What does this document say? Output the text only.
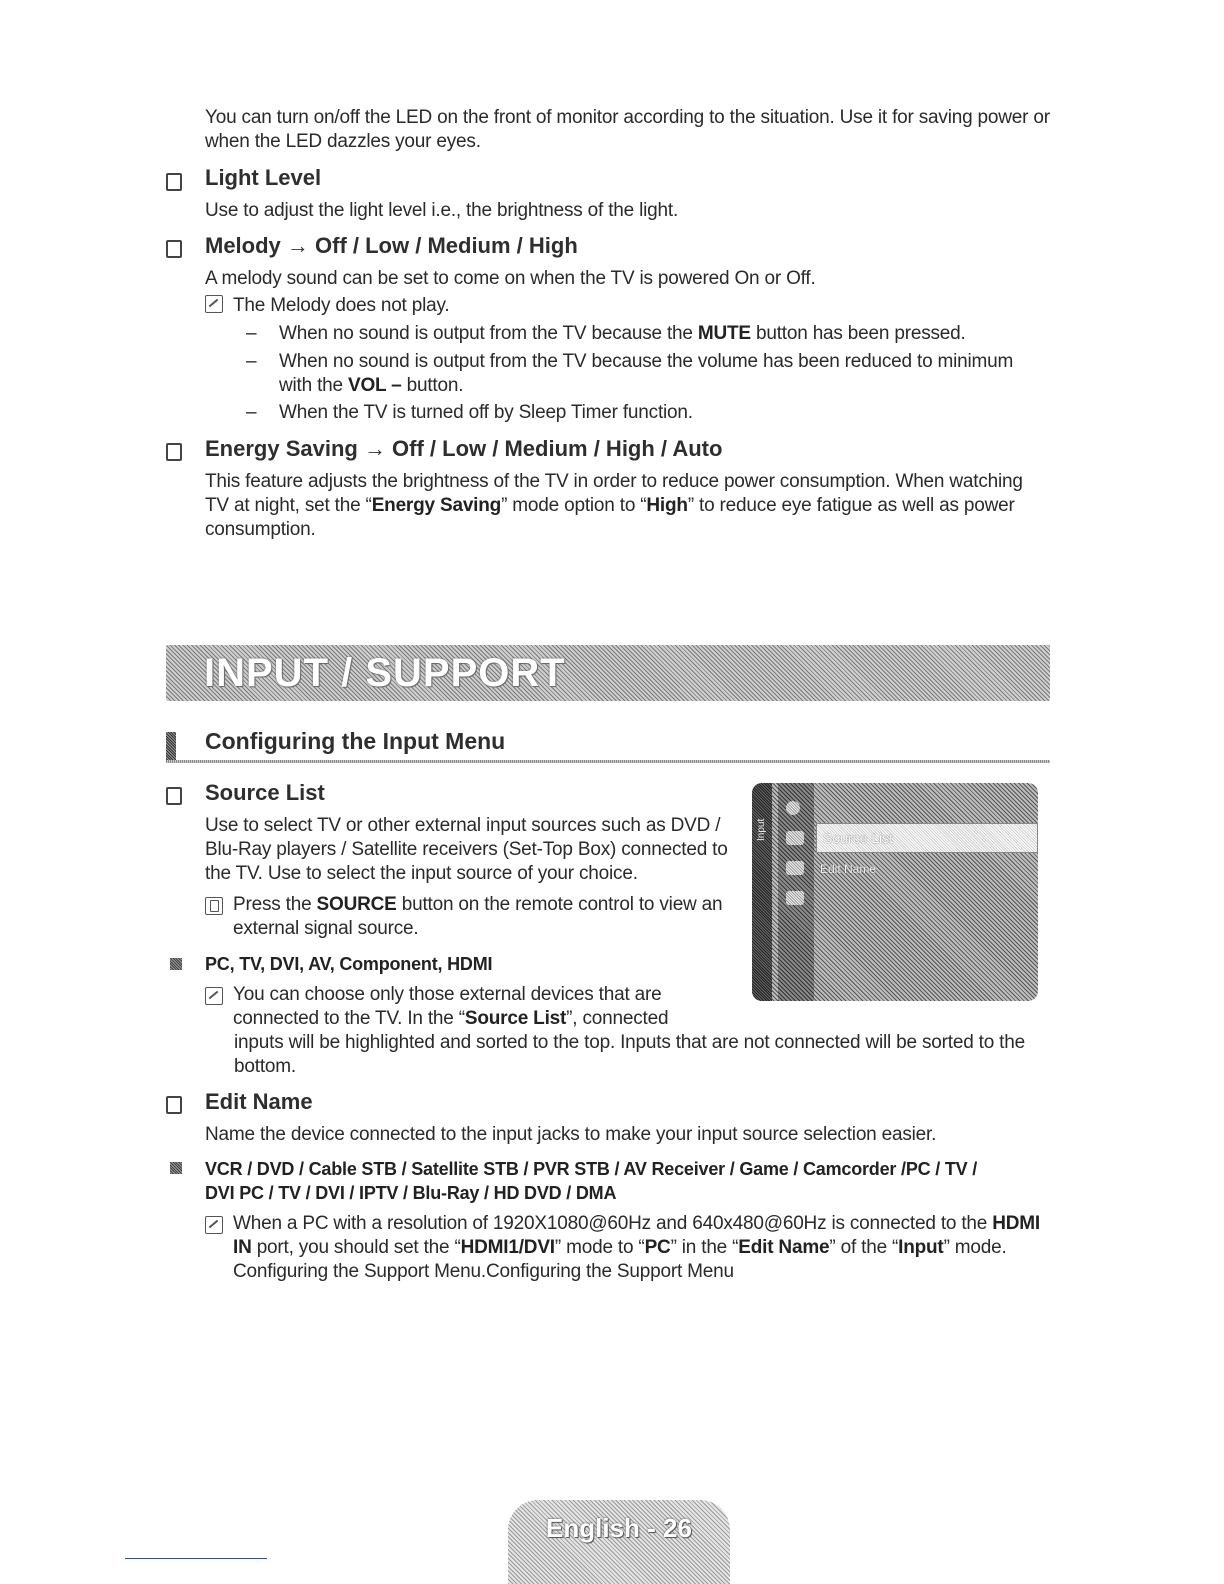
You can turn on/off the LED on the front of monitor according to the situation. Use it for saving power or when the LED dazzles your eyes.
Light Level
Use to adjust the light level i.e., the brightness of the light.
Melody → Off / Low / Medium / High
A melody sound can be set to come on when the TV is powered On or Off.
The Melody does not play.
– When no sound is output from the TV because the MUTE button has been pressed.
– When no sound is output from the TV because the volume has been reduced to minimum with the VOL – button.
– When the TV is turned off by Sleep Timer function.
Energy Saving → Off / Low / Medium / High / Auto
This feature adjusts the brightness of the TV in order to reduce power consumption. When watching TV at night, set the “Energy Saving” mode option to “High” to reduce eye fatigue as well as power consumption.
INPUT / SUPPORT
Configuring the Input Menu
Source List
Use to select TV or other external input sources such as DVD / Blu-Ray players / Satellite receivers (Set-Top Box) connected to the TV. Use to select the input source of your choice.
Press the SOURCE button on the remote control to view an external signal source.
PC, TV, DVI, AV, Component, HDMI
You can choose only those external devices that are connected to the TV. In the “Source List”, connected
inputs will be highlighted and sorted to the top. Inputs that are not connected will be sorted to the bottom.
Input	Source List
Edit Name
Edit Name
Name the device connected to the input jacks to make your input source selection easier.
VCR / DVD / Cable STB / Satellite STB / PVR STB / AV Receiver / Game / Camcorder /PC / TV /
DVI PC / TV / DVI / IPTV / Blu-Ray / HD DVD / DMA
When a PC with a resolution of 1920X1080@60Hz and 640x480@60Hz is connected to the HDMI IN port, you should set the “HDMI1/DVI” mode to “PC” in the “Edit Name” of the “Input” mode. Configuring the Support Menu.Configuring the Support Menu
English - 26
